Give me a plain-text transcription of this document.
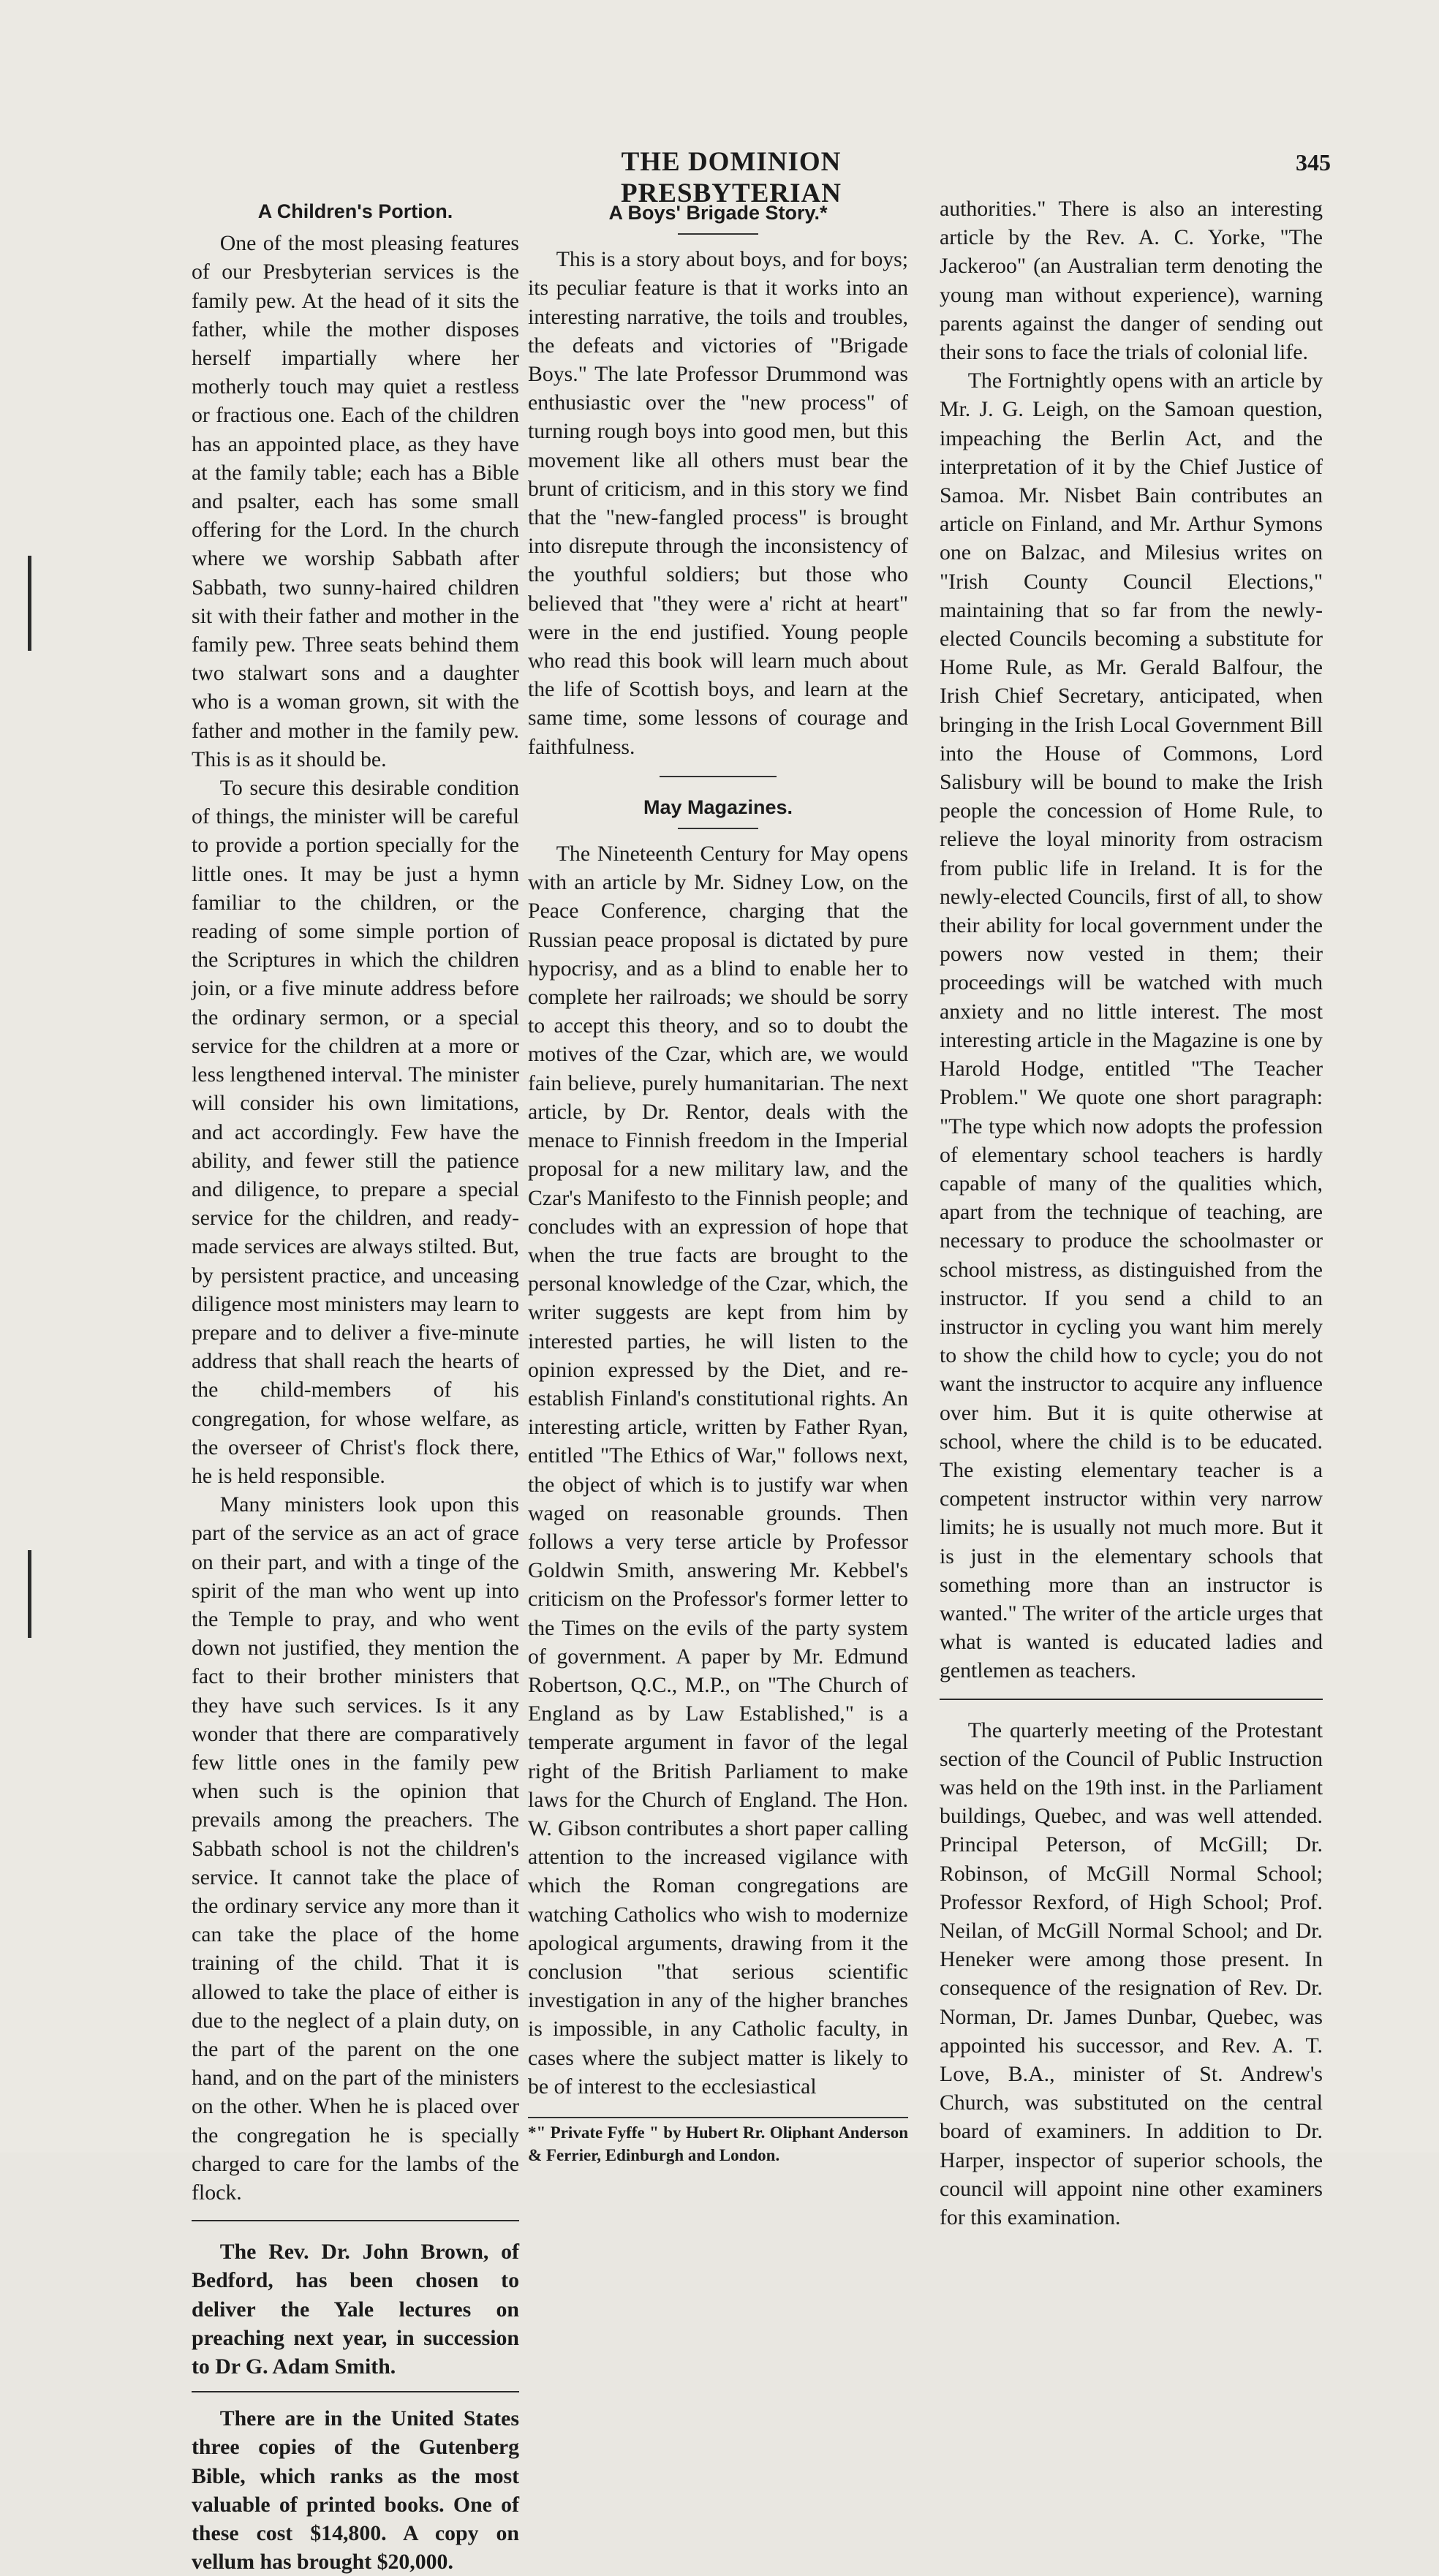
THE DOMINION PRESBYTERIAN
345
A Children's Portion.

One of the most pleasing features of our Presbyterian services is the family pew. At the head of it sits the father, while the mother disposes herself impartially where her motherly touch may quiet a restless or fractious one. Each of the children has an appointed place, as they have at the family table; each has a Bible and psalter, each has some small offering for the Lord. In the church where we worship Sabbath after Sabbath, two sunny-haired children sit with their father and mother in the family pew. Three seats behind them two stalwart sons and a daughter who is a woman grown, sit with the father and mother in the family pew. This is as it should be.

To secure this desirable condition of things, the minister will be careful to provide a portion specially for the little ones. It may be just a hymn familiar to the children, or the reading of some simple portion of the Scriptures in which the children join, or a five minute address before the ordinary sermon, or a special service for the children at a more or less lengthened interval. The minister will consider his own limitations, and act accordingly. Few have the ability, and fewer still the patience and diligence, to prepare a special service for the children, and ready-made services are always stilted. But, by persistent practice, and unceasing diligence most ministers may learn to prepare and to deliver a five-minute address that shall reach the hearts of the child-members of his congregation, for whose welfare, as the overseer of Christ's flock there, he is held responsible.

Many ministers look upon this part of the service as an act of grace on their part, and with a tinge of the spirit of the man who went up into the Temple to pray, and who went down not justified, they mention the fact to their brother ministers that they have such services. Is it any wonder that there are comparatively few little ones in the family pew when such is the opinion that prevails among the preachers. The Sabbath school is not the children's service. It cannot take the place of the ordinary service any more than it can take the place of the home training of the child. That it is allowed to take the place of either is due to the neglect of a plain duty, on the part of the parent on the one hand, and on the part of the ministers on the other. When he is placed over the congregation he is specially charged to care for the lambs of the flock.

The Rev. Dr. John Brown, of Bedford, has been chosen to deliver the Yale lectures on preaching next year, in succession to Dr G. Adam Smith.

There are in the United States three copies of the Gutenberg Bible, which ranks as the most valuable of printed books. One of these cost $14,800. A copy on vellum has brought $20,000.

A Boys' Brigade Story.*

This is a story about boys, and for boys; its peculiar feature is that it works into an interesting narrative, the toils and troubles, the defeats and victories of "Brigade Boys." The late Professor Drummond was enthusiastic over the "new process" of turning rough boys into good men, but this movement like all others must bear the brunt of criticism, and in this story we find that the "new-fangled process" is brought into disrepute through the inconsistency of the youthful soldiers; but those who believed that "they were a' richt at heart" were in the end justified. Young people who read this book will learn much about the life of Scottish boys, and learn at the same time, some lessons of courage and faithfulness.

May Magazines.

The Nineteenth Century for May opens with an article by Mr. Sidney Low, on the Peace Conference, charging that the Russian peace proposal is dictated by pure hypocrisy, and as a blind to enable her to complete her railroads; we should be sorry to accept this theory, and so to doubt the motives of the Czar, which are, we would fain believe, purely humanitarian. The next article, by Dr. Rentor, deals with the menace to Finnish freedom in the Imperial proposal for a new military law, and the Czar's Manifesto to the Finnish people; and concludes with an expression of hope that when the true facts are brought to the personal knowledge of the Czar, which, the writer suggests are kept from him by interested parties, he will listen to the opinion expressed by the Diet, and re-establish Finland's constitutional rights. An interesting article, written by Father Ryan, entitled "The Ethics of War," follows next, the object of which is to justify war when waged on reasonable grounds. Then follows a very terse article by Professor Goldwin Smith, answering Mr. Kebbel's criticism on the Professor's former letter to the Times on the evils of the party system of government. A paper by Mr. Edmund Robertson, Q.C., M.P., on "The Church of England as by Law Established," is a temperate argument in favor of the legal right of the British Parliament to make laws for the Church of England. The Hon. W. Gibson contributes a short paper calling attention to the increased vigilance with which the Roman congregations are watching Catholics who wish to modernize apological arguments, drawing from it the conclusion "that serious scientific investigation in any of the higher branches is impossible, in any Catholic faculty, in cases where the subject matter is likely to be of interest to the ecclesiastical

*" Private Fyffe " by Hubert Rr. Oliphant Anderson & Ferrier, Edinburgh and London.

authorities." There is also an interesting article by the Rev. A. C. Yorke, "The Jackeroo" (an Australian term denoting the young man without experience), warning parents against the danger of sending out their sons to face the trials of colonial life.

The Fortnightly opens with an article by Mr. J. G. Leigh, on the Samoan question, impeaching the Berlin Act, and the interpretation of it by the Chief Justice of Samoa. Mr. Nisbet Bain contributes an article on Finland, and Mr. Arthur Symons one on Balzac, and Milesius writes on "Irish County Council Elections," maintaining that so far from the newly-elected Councils becoming a substitute for Home Rule, as Mr. Gerald Balfour, the Irish Chief Secretary, anticipated, when bringing in the Irish Local Government Bill into the House of Commons, Lord Salisbury will be bound to make the Irish people the concession of Home Rule, to relieve the loyal minority from ostracism from public life in Ireland. It is for the newly-elected Councils, first of all, to show their ability for local government under the powers now vested in them; their proceedings will be watched with much anxiety and no little interest. The most interesting article in the Magazine is one by Harold Hodge, entitled "The Teacher Problem." We quote one short paragraph: "The type which now adopts the profession of elementary school teachers is hardly capable of many of the qualities which, apart from the technique of teaching, are necessary to produce the schoolmaster or school mistress, as distinguished from the instructor. If you send a child to an instructor in cycling you want him merely to show the child how to cycle; you do not want the instructor to acquire any influence over him. But it is quite otherwise at school, where the child is to be educated. The existing elementary teacher is a competent instructor within very narrow limits; he is usually not much more. But it is just in the elementary schools that something more than an instructor is wanted." The writer of the article urges that what is wanted is educated ladies and gentlemen as teachers.

The quarterly meeting of the Protestant section of the Council of Public Instruction was held on the 19th inst. in the Parliament buildings, Quebec, and was well attended. Principal Peterson, of McGill; Dr. Robinson, of McGill Normal School; Professor Rexford, of High School; Prof. Neilan, of McGill Normal School; and Dr. Heneker were among those present. In consequence of the resignation of Rev. Dr. Norman, Dr. James Dunbar, Quebec, was appointed his successor, and Rev. A. T. Love, B.A., minister of St. Andrew's Church, was substituted on the central board of examiners. In addition to Dr. Harper, inspector of superior schools, the council will appoint nine other examiners for this examination.
